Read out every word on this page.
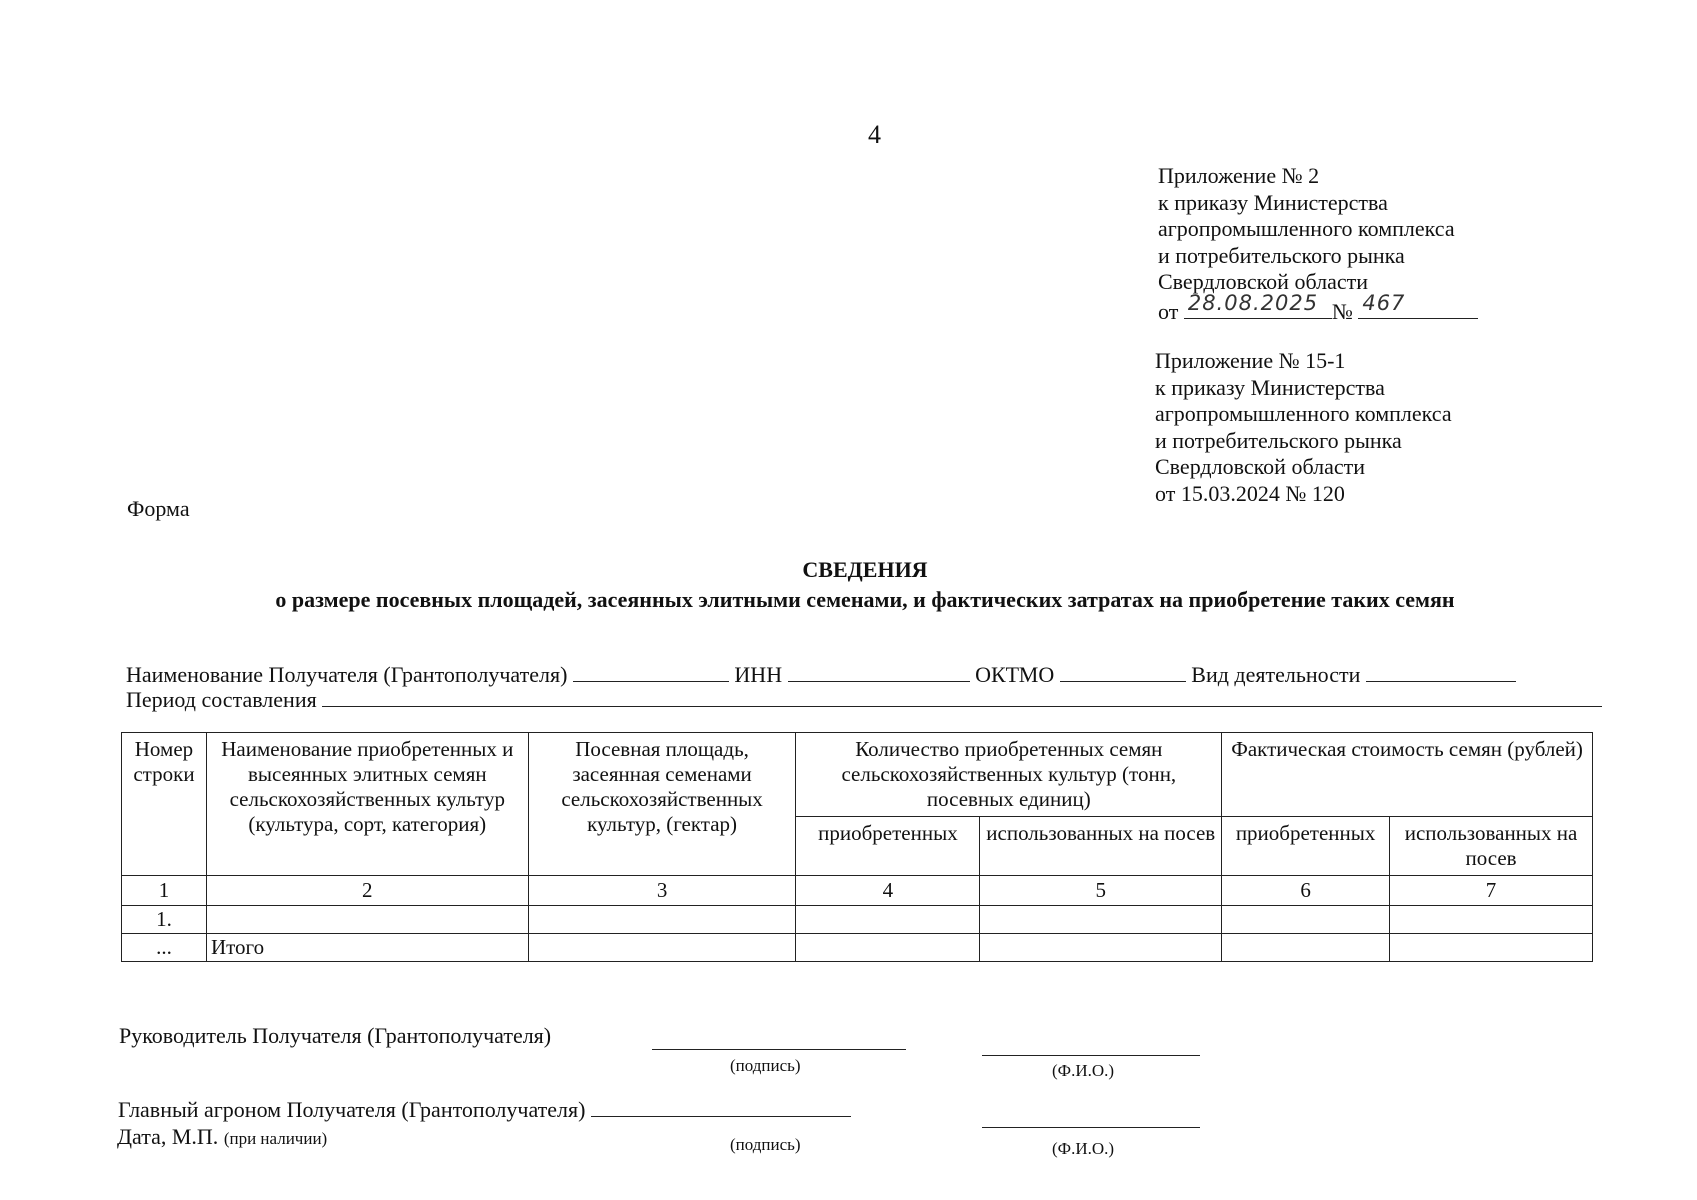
4
Приложение № 2
к приказу Министерства
агропромышленного комплекса
и потребительского рынка
Свердловской области
от 28.08.2025 № 467
Приложение № 15-1
к приказу Министерства
агропромышленного комплекса
и потребительского рынка
Свердловской области
от 15.03.2024 № 120
Форма
СВЕДЕНИЯ
о размере посевных площадей, засеянных элитными семенами, и фактических затратах на приобретение таких семян
Наименование Получателя (Грантополучателя)	ИНН	ОКТМО	Вид деятельности
Период составления
Номер строки	Наименование приобретенных и высеянных элитных семян сельскохозяйственных культур (культура, сорт, категория)	Посевная площадь, засеянная семенами сельскохозяйственных культур, (гектар)	Количество приобретенных семян сельскохозяйственных культур (тонн, посевных единиц)		Фактическая стоимость семян (рублей)	
			приобретенных	использованных на посев	приобретенных	использованных на посев
1	2	3	4	5	6	7
1.						
...	Итого					
Руководитель Получателя (Грантополучателя)
(подпись)	(Ф.И.О.)
Главный агроном Получателя (Грантополучателя)
Дата, М.П. (при наличии)	(подпись)	(Ф.И.О.)
